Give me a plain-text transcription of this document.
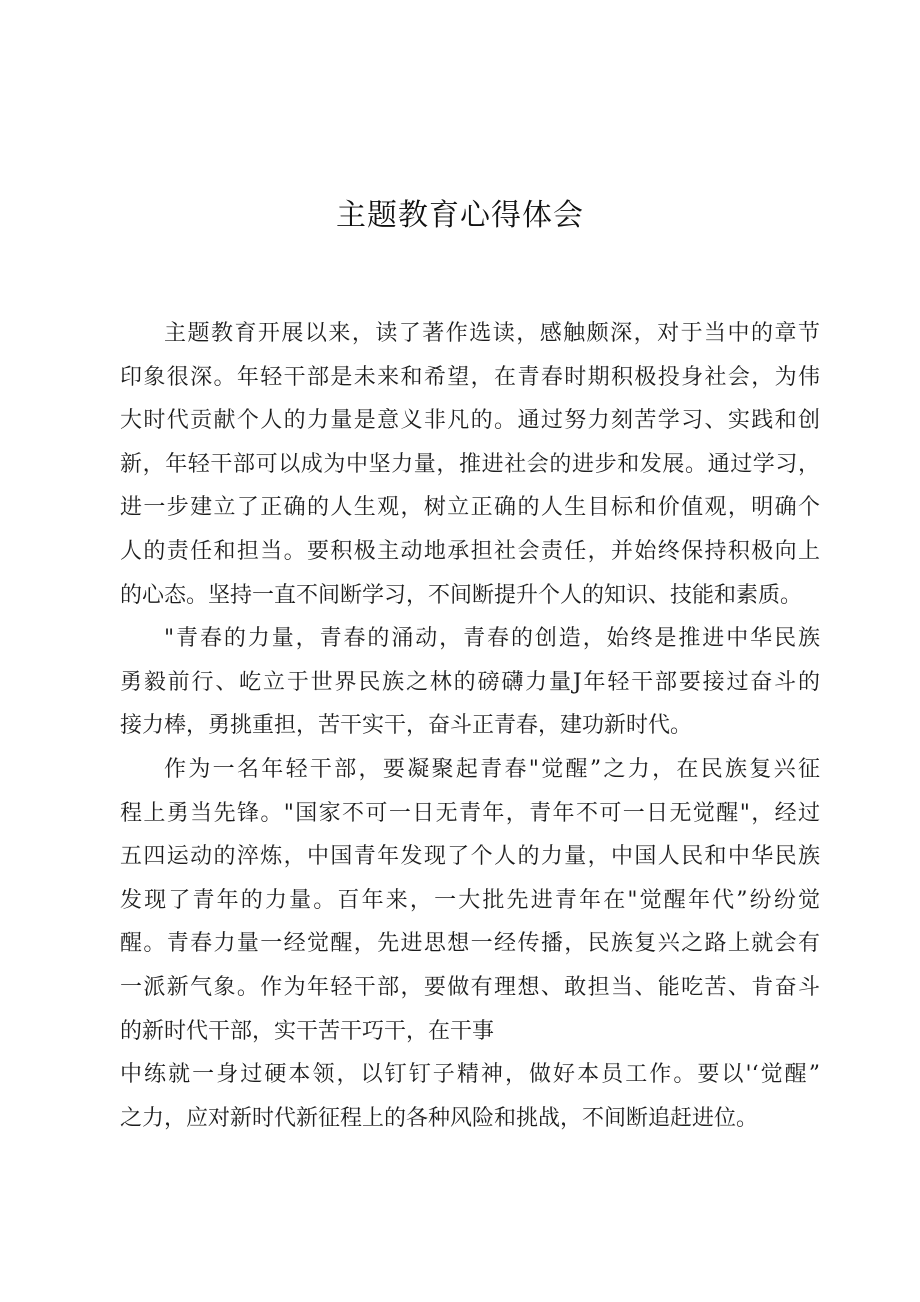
主题教育心得体会
主题教育开展以来，读了著作选读，感触颇深，对于当中的章节
印象很深。年轻干部是未来和希望，在青春时期积极投身社会，为伟
大时代贡献个人的力量是意义非凡的。通过努力刻苦学习、实践和创
新，年轻干部可以成为中坚力量，推进社会的进步和发展。通过学习，
进一步建立了正确的人生观，树立正确的人生目标和价值观，明确个
人的责任和担当。要积极主动地承担社会责任，并始终保持积极向上
的心态。坚持一直不间断学习，不间断提升个人的知识、技能和素质。
"青春的力量，青春的涌动，青春的创造，始终是推进中华民族
勇毅前行、屹立于世界民族之林的磅礴力量J年轻干部要接过奋斗的
接力棒，勇挑重担，苦干实干，奋斗正青春，建功新时代。
作为一名年轻干部，要凝聚起青春"觉醒”之力，在民族复兴征
程上勇当先锋。"国家不可一日无青年，青年不可一日无觉醒"，经过
五四运动的淬炼，中国青年发现了个人的力量，中国人民和中华民族
发现了青年的力量。百年来，一大批先进青年在"觉醒年代”纷纷觉
醒。青春力量一经觉醒，先进思想一经传播，民族复兴之路上就会有
一派新气象。作为年轻干部，要做有理想、敢担当、能吃苦、肯奋斗
的新时代干部，实干苦干巧干，在干事
中练就一身过硬本领，以钉钉子精神，做好本员工作。要以'‘觉醒”
之力，应对新时代新征程上的各种风险和挑战，不间断追赶进位。
